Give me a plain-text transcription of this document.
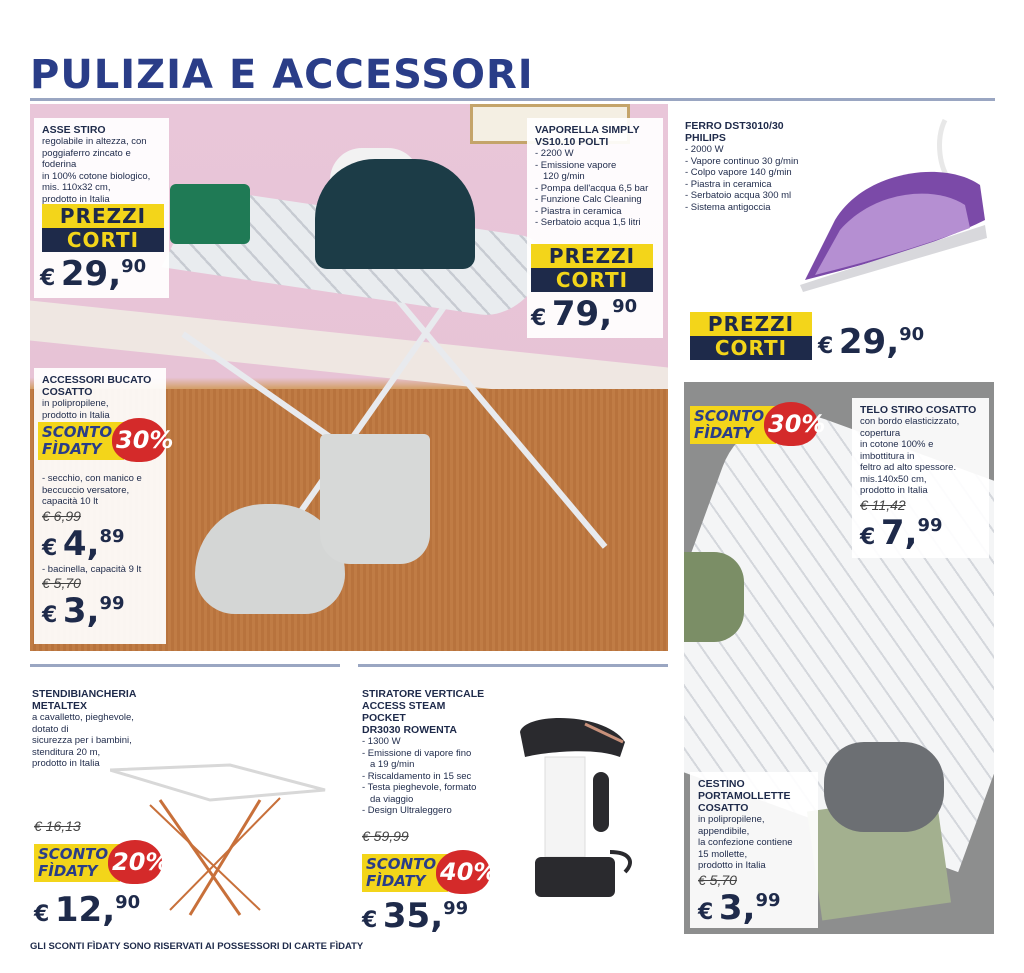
PULIZIA E ACCESSORI
ASSE STIRO
regolabile in altezza, con
poggiaferro zincato e
foderina
in 100% cotone biologico,
mis. 110x32 cm,
prodotto in Italia
PREZZI
CORTI
€ 29,90
VAPORELLA SIMPLY
VS10.10 POLTI
- 2200 W
- Emissione vapore
120 g/min
- Pompa dell'acqua 6,5 bar
- Funzione Calc Cleaning
- Piastra in ceramica
- Serbatoio acqua 1,5 litri
PREZZI
CORTI
€ 79,90
FERRO DST3010/30
PHILIPS
- 2000 W
- Vapore continuo 30 g/min
- Colpo vapore 140 g/min
- Piastra in ceramica
- Serbatoio acqua 300 ml
- Sistema antigoccia
PREZZI
CORTI	€ 29,90
ACCESSORI BUCATO
COSATTO
in polipropilene,
prodotto in Italia
- secchio, con manico e
beccuccio versatore,
capacità 10 lt
€ 6,99
€ 4,89
- bacinella, capacità 9 lt
€ 5,70
€ 3,99
SCONTO
FÌDATY 30%
TELO STIRO COSATTO
con bordo elasticizzato,
copertura
in cotone 100% e
imbottitura in
feltro ad alto spessore.
mis.140x50 cm,
prodotto in Italia
€ 11,42
€ 7,99
SCONTO
FÌDATY 30%
CESTINO
PORTAMOLLETTE
COSATTO
in polipropilene,
appendibile,
la confezione contiene
15 mollette,
prodotto in Italia
€ 5,70
€ 3,99
STENDIBIANCHERIA
METALTEX
a cavalletto, pieghevole,
dotato di
sicurezza per i bambini,
stenditura 20 m,
prodotto in Italia
€ 16,13
SCONTO
FÌDATY 20%
€ 12,90
STIRATORE VERTICALE
ACCESS STEAM
POCKET
DR3030 ROWENTA
- 1300 W
- Emissione di vapore fino
a 19 g/min
- Riscaldamento in 15 sec
- Testa pieghevole, formato
da viaggio
- Design Ultraleggero
€ 59,99
SCONTO
FÌDATY 40%
€ 35,99
GLI SCONTI FÌDATY SONO RISERVATI AI POSSESSORI DI CARTE FÌDATY
